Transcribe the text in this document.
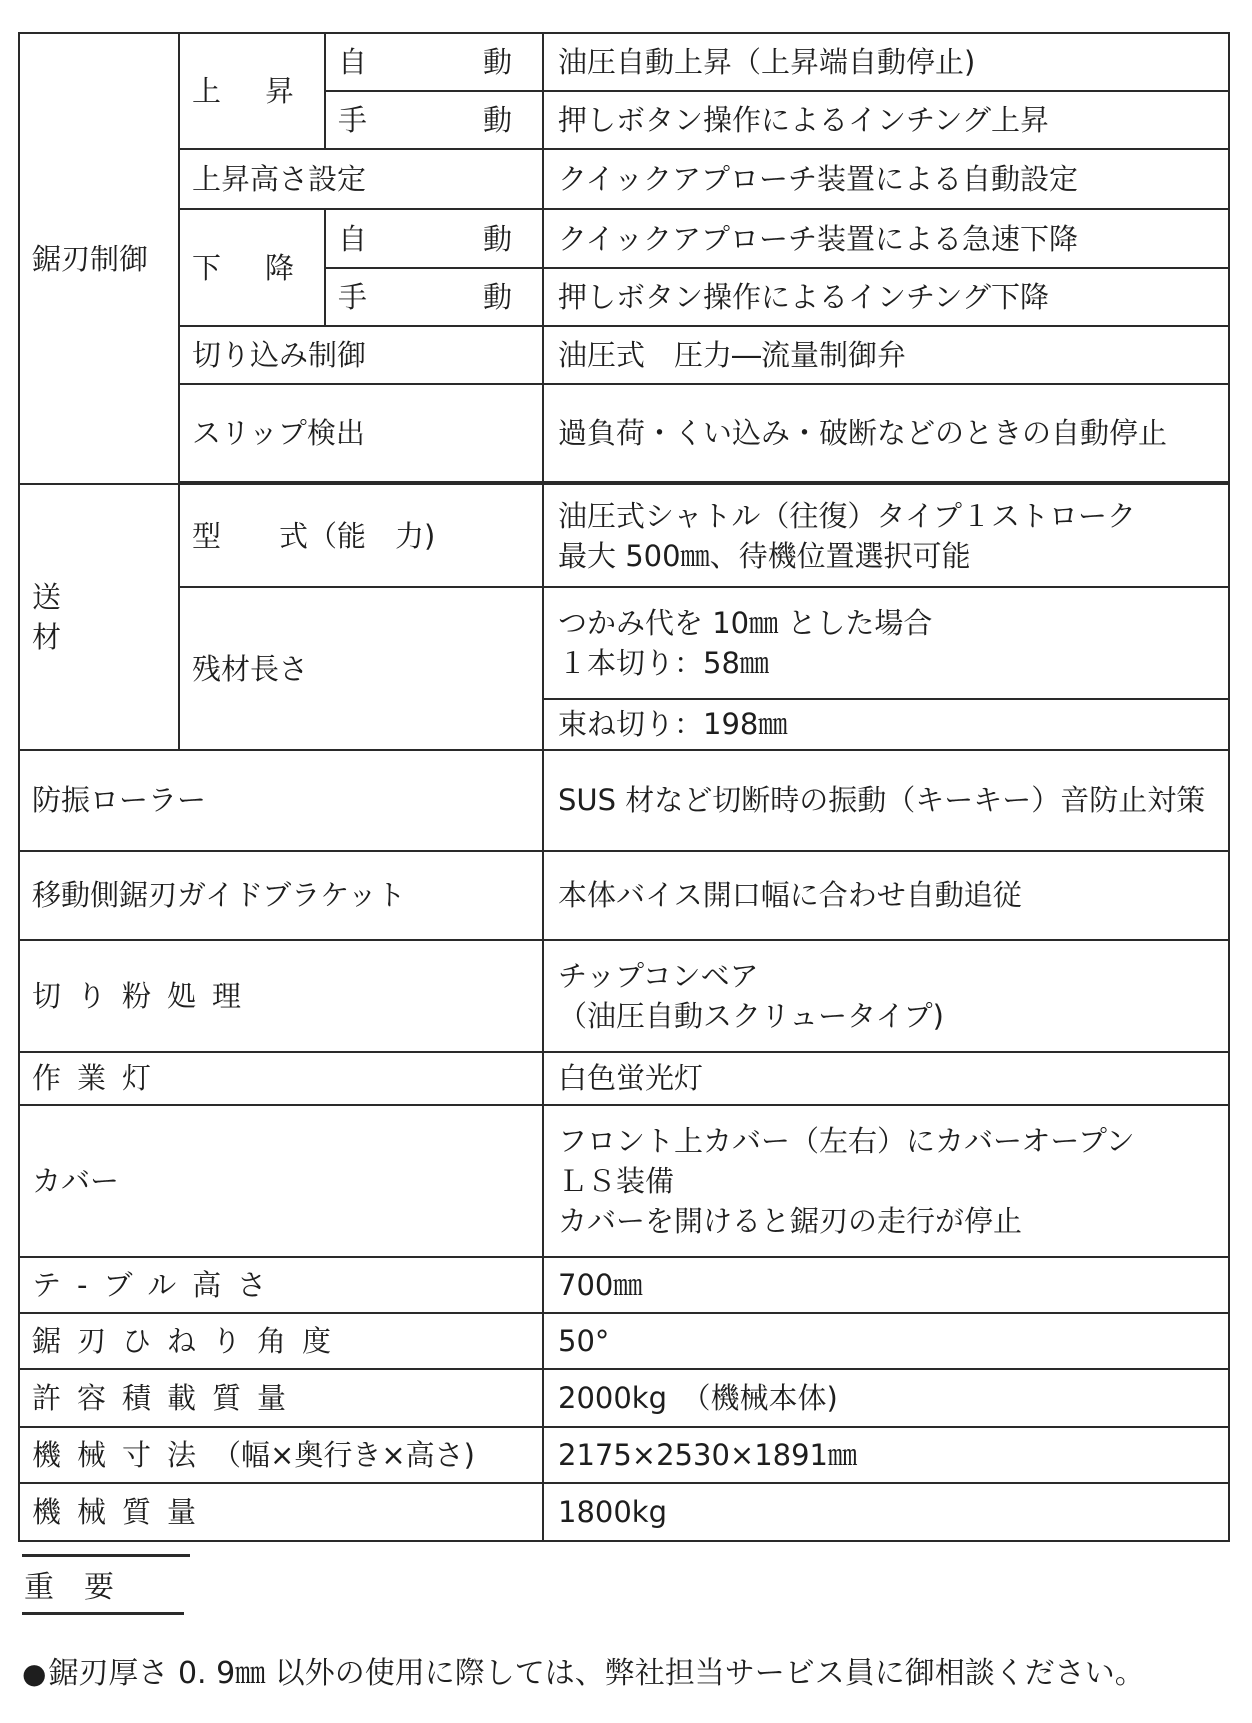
鋸刃制御	上 昇	自 動	油圧自動上昇（上昇端自動停止)

		手 動	押しボタン操作によるインチング上昇
	上昇高さ設定		クイックアプローチ装置による自動設定

	下 降	自 動	クイックアプローチ装置による急速下降

		手 動	押しボタン操作によるインチング下降
	切り込み制御		油圧式　圧力―流量制御弁
	スリップ検出		過負荷・くい込み・破断などのときの自動停止

送　材	型　　式（能　力)		油圧式シャトル（往復）タイプ１ストローク
最大 500㎜、待機位置選択可能

	残材長さ		つかみ代を 10㎜ とした場合
１本切り：58㎜

			束ね切り：198㎜
防振ローラー			SUS 材など切断時の振動（キーキー）音防止対策
移動側鋸刃ガイドブラケット			本体バイス開口幅に合わせ自動追従
切り粉処理			チップコンベア
（油圧自動スクリュータイプ)

作業灯			白色蛍光灯
カバー			フロント上カバー（左右）にカバーオープン
ＬＳ装備
カバーを開けると鋸刃の走行が停止

テ‐ブル高さ			700㎜
鋸刃ひねり角度			50°
許容積載質量			2000kg　（機械本体)
機械寸法（幅×奥行き×高さ)			2175×2530×1891㎜
機械質量			1800kg
重要
●鋸刃厚さ 0. 9㎜ 以外の使用に際しては、弊社担当サービス員に御相談ください。
